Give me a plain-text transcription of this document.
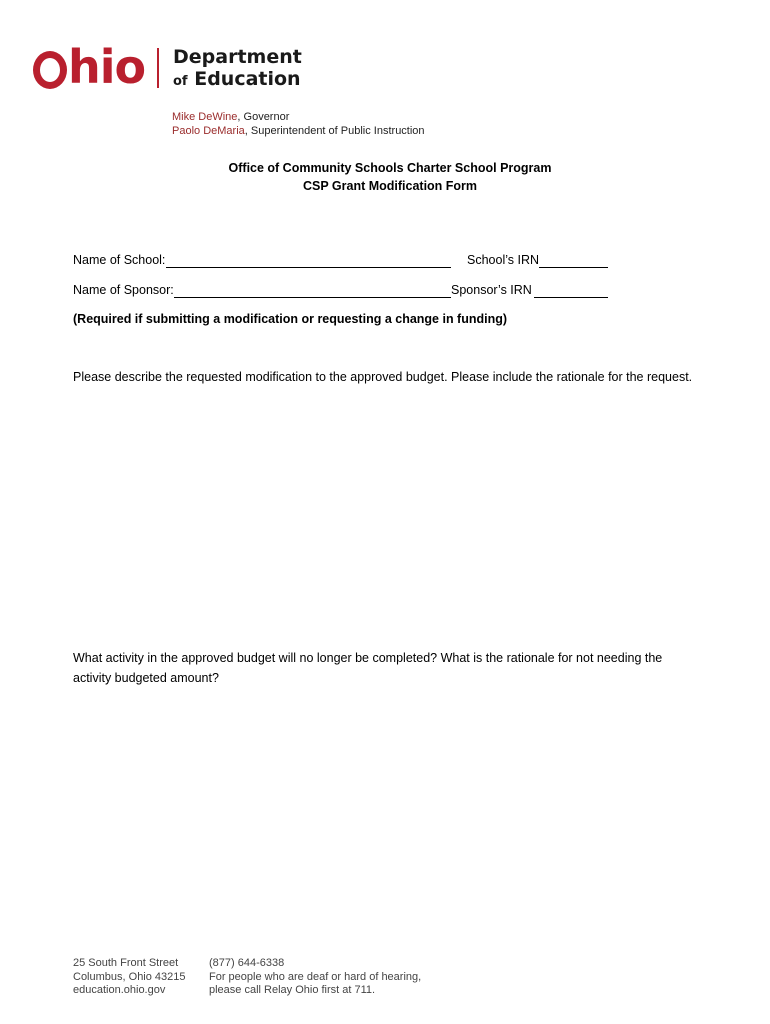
hio Department
of Education
Mike DeWine, Governor
Paolo DeMaria, Superintendent of Public Instruction
Office of Community Schools Charter School Program
CSP Grant Modification Form
Name of School:	School’s IRN
Name of Sponsor:	Sponsor’s IRN
(Required if submitting a modification or requesting a change in funding)
Please describe the requested modification to the approved budget. Please include the rationale for the request.
What activity in the approved budget will no longer be completed? What is the rationale for not needing the activity budgeted amount?
25 South Front Street
Columbus, Ohio 43215
education.ohio.gov
(877) 644-6338
For people who are deaf or hard of hearing,
please call Relay Ohio first at 711.
